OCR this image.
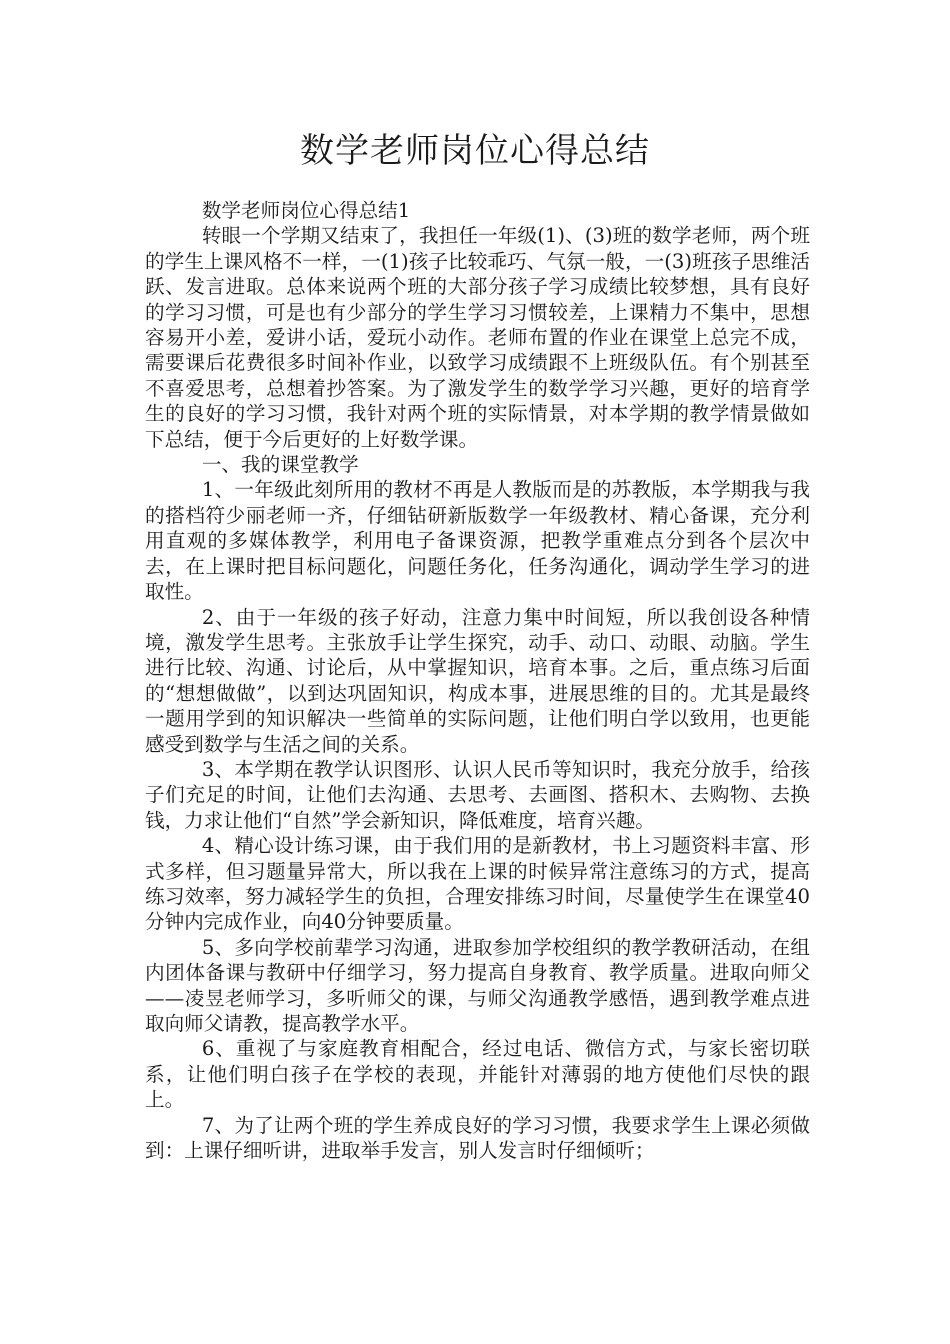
数学老师岗位心得总结

数学老师岗位心得总结1

转眼一个学期又结束了，我担任一年级(1)、(3)班的数学老师，两个班的学生上课风格不一样，一(1)孩子比较乖巧、气氛一般，一(3)班孩子思维活跃、发言进取。总体来说两个班的大部分孩子学习成绩比较梦想，具有良好的学习习惯，可是也有少部分的学生学习习惯较差，上课精力不集中，思想容易开小差，爱讲小话，爱玩小动作。老师布置的作业在课堂上总完不成，需要课后花费很多时间补作业，以致学习成绩跟不上班级队伍。有个别甚至不喜爱思考，总想着抄答案。为了激发学生的数学学习兴趣，更好的培育学生的良好的学习习惯，我针对两个班的实际情景，对本学期的教学情景做如下总结，便于今后更好的上好数学课。

一、我的课堂教学

1、一年级此刻所用的教材不再是人教版而是的苏教版，本学期我与我的搭档符少丽老师一齐，仔细钻研新版数学一年级教材、精心备课，充分利用直观的多媒体教学，利用电子备课资源，把教学重难点分到各个层次中去，在上课时把目标问题化，问题任务化，任务沟通化，调动学生学习的进取性。

2、由于一年级的孩子好动，注意力集中时间短，所以我创设各种情境，激发学生思考。主张放手让学生探究，动手、动口、动眼、动脑。学生进行比较、沟通、讨论后，从中掌握知识，培育本事。之后，重点练习后面的“想想做做”，以到达巩固知识，构成本事，进展思维的目的。尤其是最终一题用学到的知识解决一些简单的实际问题，让他们明白学以致用，也更能感受到数学与生活之间的关系。

3、本学期在教学认识图形、认识人民币等知识时，我充分放手，给孩子们充足的时间，让他们去沟通、去思考、去画图、搭积木、去购物、去换钱，力求让他们“自然”学会新知识，降低难度，培育兴趣。

4、精心设计练习课，由于我们用的是新教材，书上习题资料丰富、形式多样，但习题量异常大，所以我在上课的时候异常注意练习的方式，提高练习效率，努力减轻学生的负担，合理安排练习时间，尽量使学生在课堂40分钟内完成作业，向40分钟要质量。

5、多向学校前辈学习沟通，进取参加学校组织的教学教研活动，在组内团体备课与教研中仔细学习，努力提高自身教育、教学质量。进取向师父——凌昱老师学习，多听师父的课，与师父沟通教学感悟，遇到教学难点进取向师父请教，提高教学水平。

6、重视了与家庭教育相配合，经过电话、微信方式，与家长密切联系，让他们明白孩子在学校的表现，并能针对薄弱的地方使他们尽快的跟上。

7、为了让两个班的学生养成良好的学习习惯，我要求学生上课必须做到：上课仔细听讲，进取举手发言，别人发言时仔细倾听；
